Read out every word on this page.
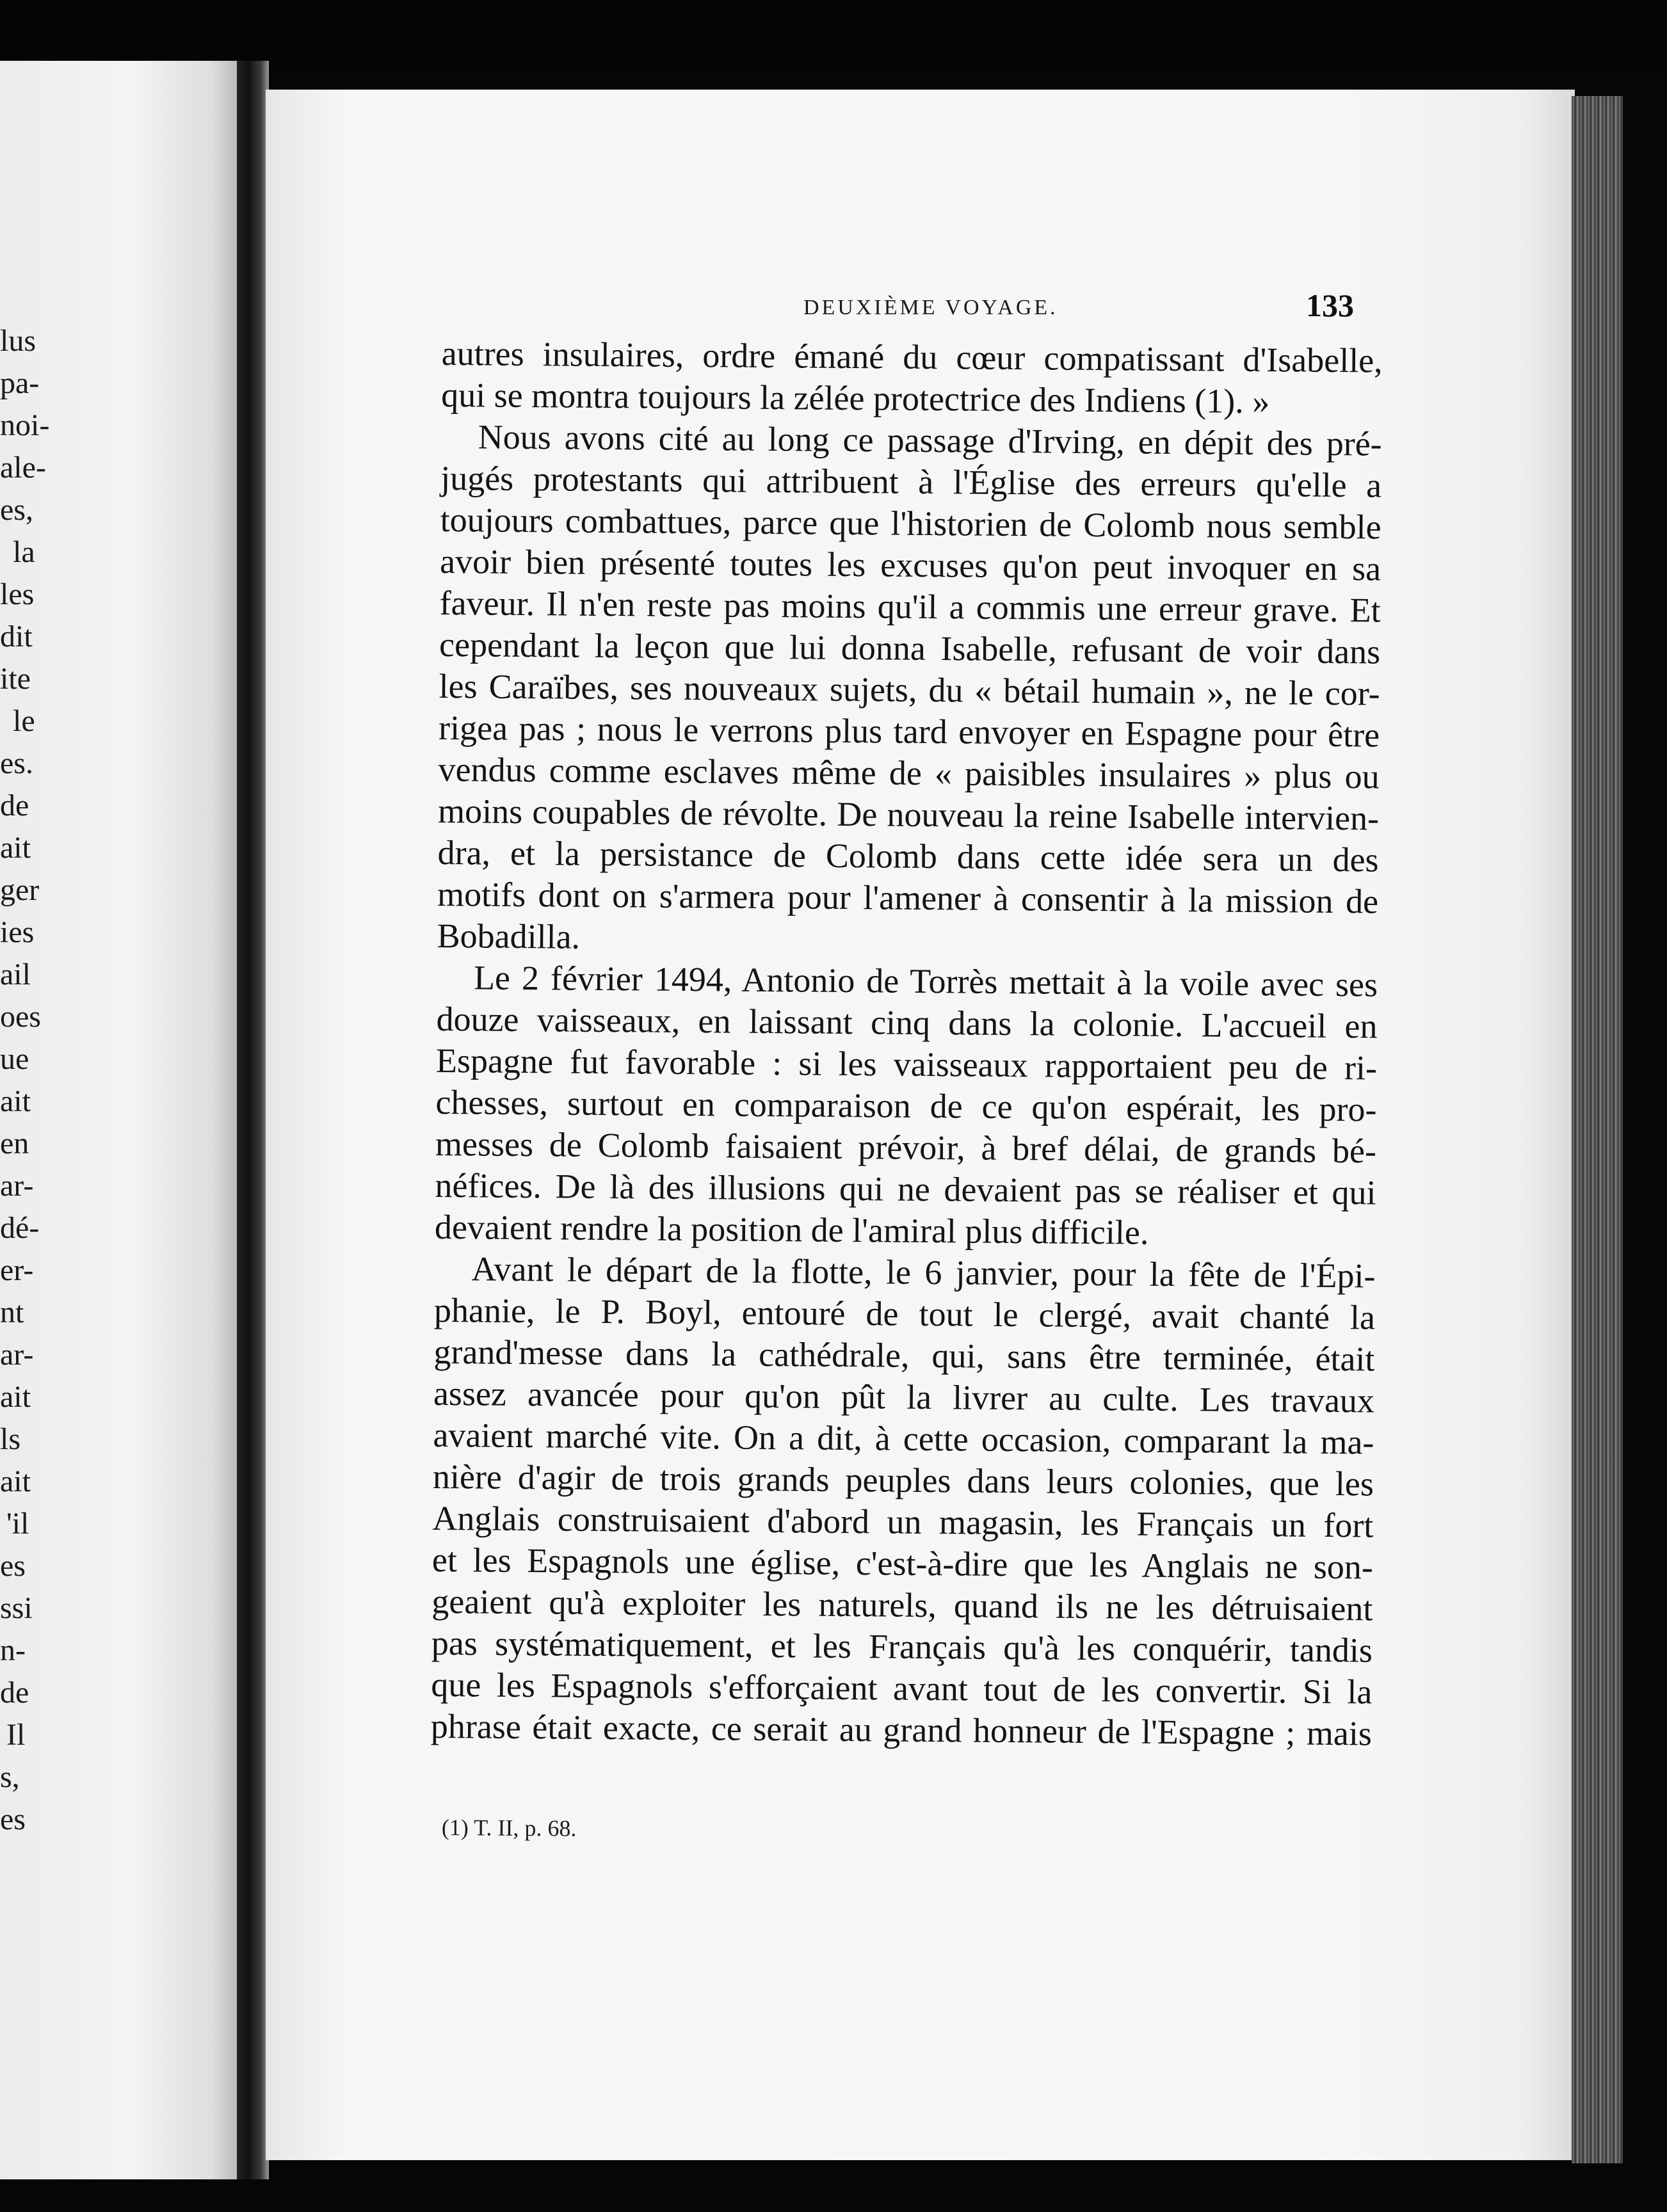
lus
pa-
noi-
ale-
es,
la
les
dit
ite
le
es.
de
ait
ger
ies
ail
oes
ue
ait
en
ar-
dé-
er-
nt
ar-
ait
ls
ait
'il
es
ssi
n-
de
Il
s,
es
DEUXIÈME VOYAGE.	133
autres insulaires, ordre émané du cœur compatissant d'Isabelle,
qui se montra toujours la zélée protectrice des Indiens (1). »
Nous avons cité au long ce passage d'Irving, en dépit des pré-
jugés protestants qui attribuent à l'Église des erreurs qu'elle a
toujours combattues, parce que l'historien de Colomb nous semble
avoir bien présenté toutes les excuses qu'on peut invoquer en sa
faveur. Il n'en reste pas moins qu'il a commis une erreur grave. Et
cependant la leçon que lui donna Isabelle, refusant de voir dans
les Caraïbes, ses nouveaux sujets, du « bétail humain », ne le cor-
rigea pas ; nous le verrons plus tard envoyer en Espagne pour être
vendus comme esclaves même de « paisibles insulaires » plus ou
moins coupables de révolte. De nouveau la reine Isabelle intervien-
dra, et la persistance de Colomb dans cette idée sera un des
motifs dont on s'armera pour l'amener à consentir à la mission de
Bobadilla.
Le 2 février 1494, Antonio de Torrès mettait à la voile avec ses
douze vaisseaux, en laissant cinq dans la colonie. L'accueil en
Espagne fut favorable : si les vaisseaux rapportaient peu de ri-
chesses, surtout en comparaison de ce qu'on espérait, les pro-
messes de Colomb faisaient prévoir, à bref délai, de grands bé-
néfices. De là des illusions qui ne devaient pas se réaliser et qui
devaient rendre la position de l'amiral plus difficile.
Avant le départ de la flotte, le 6 janvier, pour la fête de l'Épi-
phanie, le P. Boyl, entouré de tout le clergé, avait chanté la
grand'messe dans la cathédrale, qui, sans être terminée, était
assez avancée pour qu'on pût la livrer au culte. Les travaux
avaient marché vite. On a dit, à cette occasion, comparant la ma-
nière d'agir de trois grands peuples dans leurs colonies, que les
Anglais construisaient d'abord un magasin, les Français un fort
et les Espagnols une église, c'est-à-dire que les Anglais ne son-
geaient qu'à exploiter les naturels, quand ils ne les détruisaient
pas systématiquement, et les Français qu'à les conquérir, tandis
que les Espagnols s'efforçaient avant tout de les convertir. Si la
phrase était exacte, ce serait au grand honneur de l'Espagne ; mais
(1) T. II, p. 68.
